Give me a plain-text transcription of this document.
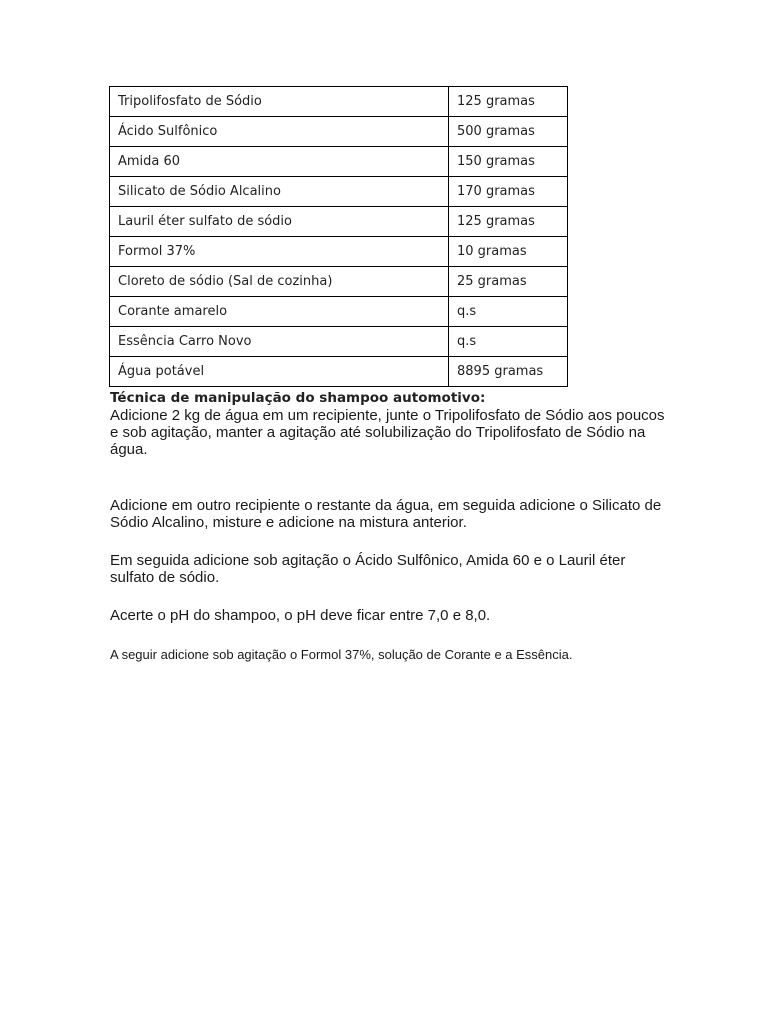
Tripolifosfato de Sódio	125 gramas
Ácido Sulfônico	500 gramas
Amida 60	150 gramas
Silicato de Sódio Alcalino	170 gramas
Lauril éter sulfato de sódio	125 gramas
Formol 37%	10 gramas
Cloreto de sódio (Sal de cozinha)	25 gramas
Corante amarelo	q.s
Essência Carro Novo	q.s
Água potável	8895 gramas
Técnica de manipulação do shampoo automotivo:
Adicione 2 kg de água em um recipiente, junte o Tripolifosfato de Sódio aos poucos e sob agitação, manter a agitação até solubilização do Tripolifosfato de Sódio na água.
Adicione em outro recipiente o restante da água, em seguida adicione o Silicato de Sódio Alcalino, misture e adicione na mistura anterior.
Em seguida adicione sob agitação o Ácido Sulfônico, Amida 60 e o Lauril éter sulfato de sódio.
Acerte o pH do shampoo, o pH deve ficar entre 7,0 e 8,0.
A seguir adicione sob agitação o Formol 37%, solução de Corante e a Essência.
